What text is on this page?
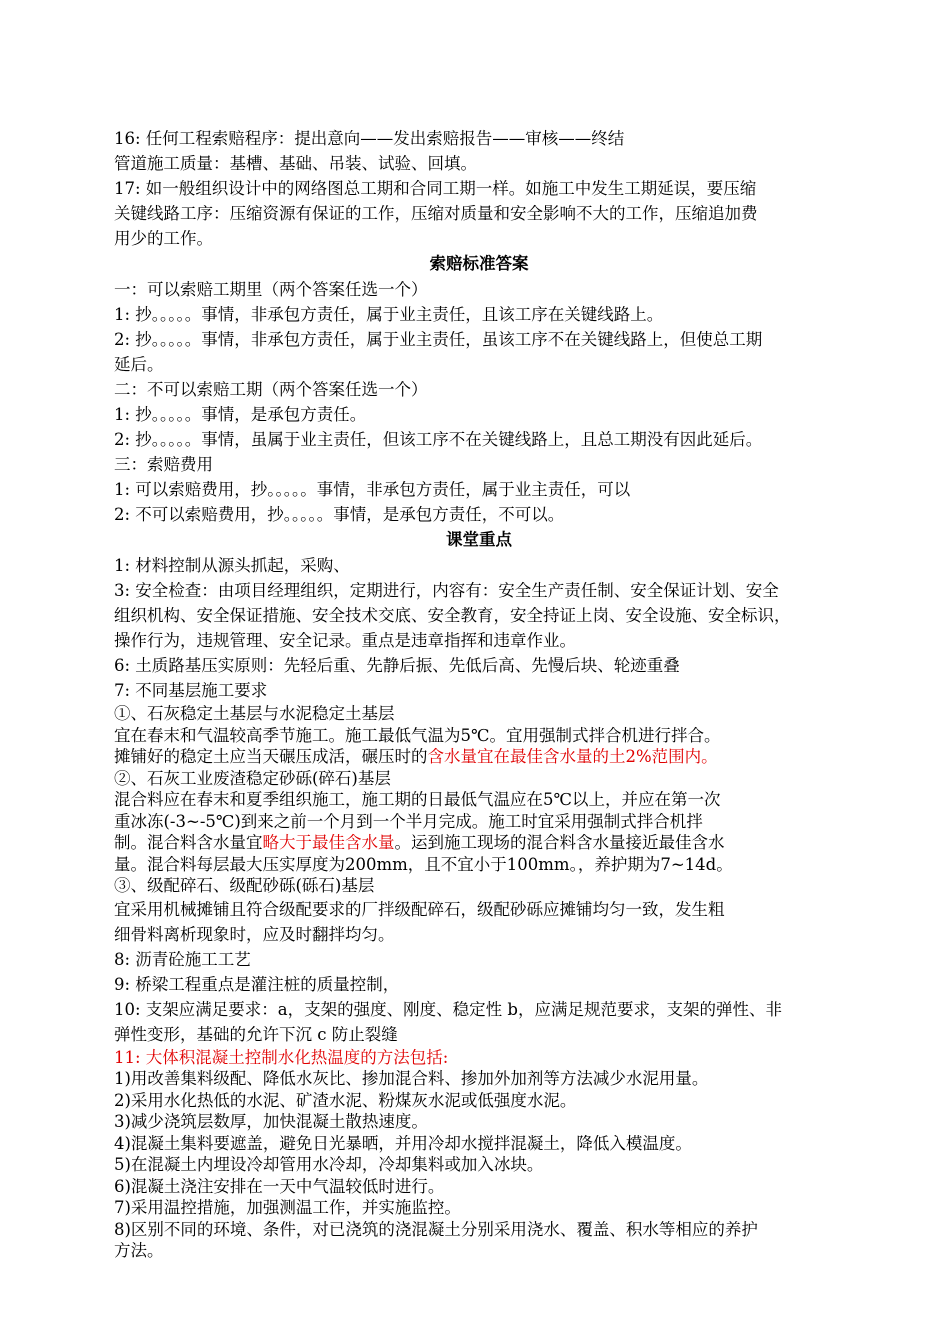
16: 任何工程索赔程序：提出意向——发出索赔报告——审核——终结
管道施工质量：基槽、基础、吊装、试验、回填。
17: 如一般组织设计中的网络图总工期和合同工期一样。如施工中发生工期延误，要压缩
关键线路工序：压缩资源有保证的工作，压缩对质量和安全影响不大的工作，压缩追加费
用少的工作。
索赔标准答案
一：可以索赔工期里（两个答案任选一个）
1: 抄。。。。。事情，非承包方责任，属于业主责任，且该工序在关键线路上。
2: 抄。。。。。事情，非承包方责任，属于业主责任，虽该工序不在关键线路上，但使总工期
延后。
二：不可以索赔工期（两个答案任选一个）
1: 抄。。。。。事情，是承包方责任。
2: 抄。。。。。事情，虽属于业主责任，但该工序不在关键线路上，且总工期没有因此延后。
三：索赔费用
1: 可以索赔费用，抄。。。。。事情，非承包方责任，属于业主责任，可以
2: 不可以索赔费用，抄。。。。。事情，是承包方责任，不可以。
课堂重点
1: 材料控制从源头抓起，采购、
3: 安全检查：由项目经理组织，定期进行，内容有：安全生产责任制、安全保证计划、安全
组织机构、安全保证措施、安全技术交底、安全教育，安全持证上岗、安全设施、安全标识，
操作行为，违规管理、安全记录。重点是违章指挥和违章作业。
6: 土质路基压实原则：先轻后重、先静后振、先低后高、先慢后块、轮迹重叠
7: 不同基层施工要求
①、石灰稳定土基层与水泥稳定土基层
宜在春末和气温较高季节施工。施工最低气温为5℃。宜用强制式拌合机进行拌合。
摊铺好的稳定土应当天碾压成活，碾压时的含水量宜在最佳含水量的土2%范围内。
②、石灰工业废渣稳定砂砾(碎石)基层
混合料应在春末和夏季组织施工，施工期的日最低气温应在5℃以上，并应在第一次
重冰冻(-3~-5℃)到来之前一个月到一个半月完成。施工时宜采用强制式拌合机拌
制。混合料含水量宜略大于最佳含水量。运到施工现场的混合料含水量接近最佳含水
量。混合料每层最大压实厚度为200mm，且不宜小于100mm。，养护期为7~14d。
③、级配碎石、级配砂砾(砾石)基层
宜采用机械摊铺且符合级配要求的厂拌级配碎石，级配砂砾应摊铺均匀一致，发生粗
细骨料离析现象时，应及时翻拌均匀。
8: 沥青砼施工工艺
9: 桥梁工程重点是灌注桩的质量控制，
10: 支架应满足要求：a，支架的强度、刚度、稳定性 b，应满足规范要求，支架的弹性、非
弹性变形，基础的允许下沉 c 防止裂缝
11: 大体积混凝土控制水化热温度的方法包括:
1)用改善集料级配、降低水灰比、掺加混合料、掺加外加剂等方法减少水泥用量。
2)采用水化热低的水泥、矿渣水泥、粉煤灰水泥或低强度水泥。
3)减少浇筑层数厚，加快混凝土散热速度。
4)混凝土集料要遮盖，避免日光暴晒，并用冷却水搅拌混凝土，降低入模温度。
5)在混凝土内埋设冷却管用水冷却，冷却集料或加入冰块。
6)混凝土浇注安排在一天中气温较低时进行。
7)采用温控措施，加强测温工作，并实施监控。
8)区别不同的环境、条件，对已浇筑的浇混凝土分别采用浇水、覆盖、积水等相应的养护
方法。
